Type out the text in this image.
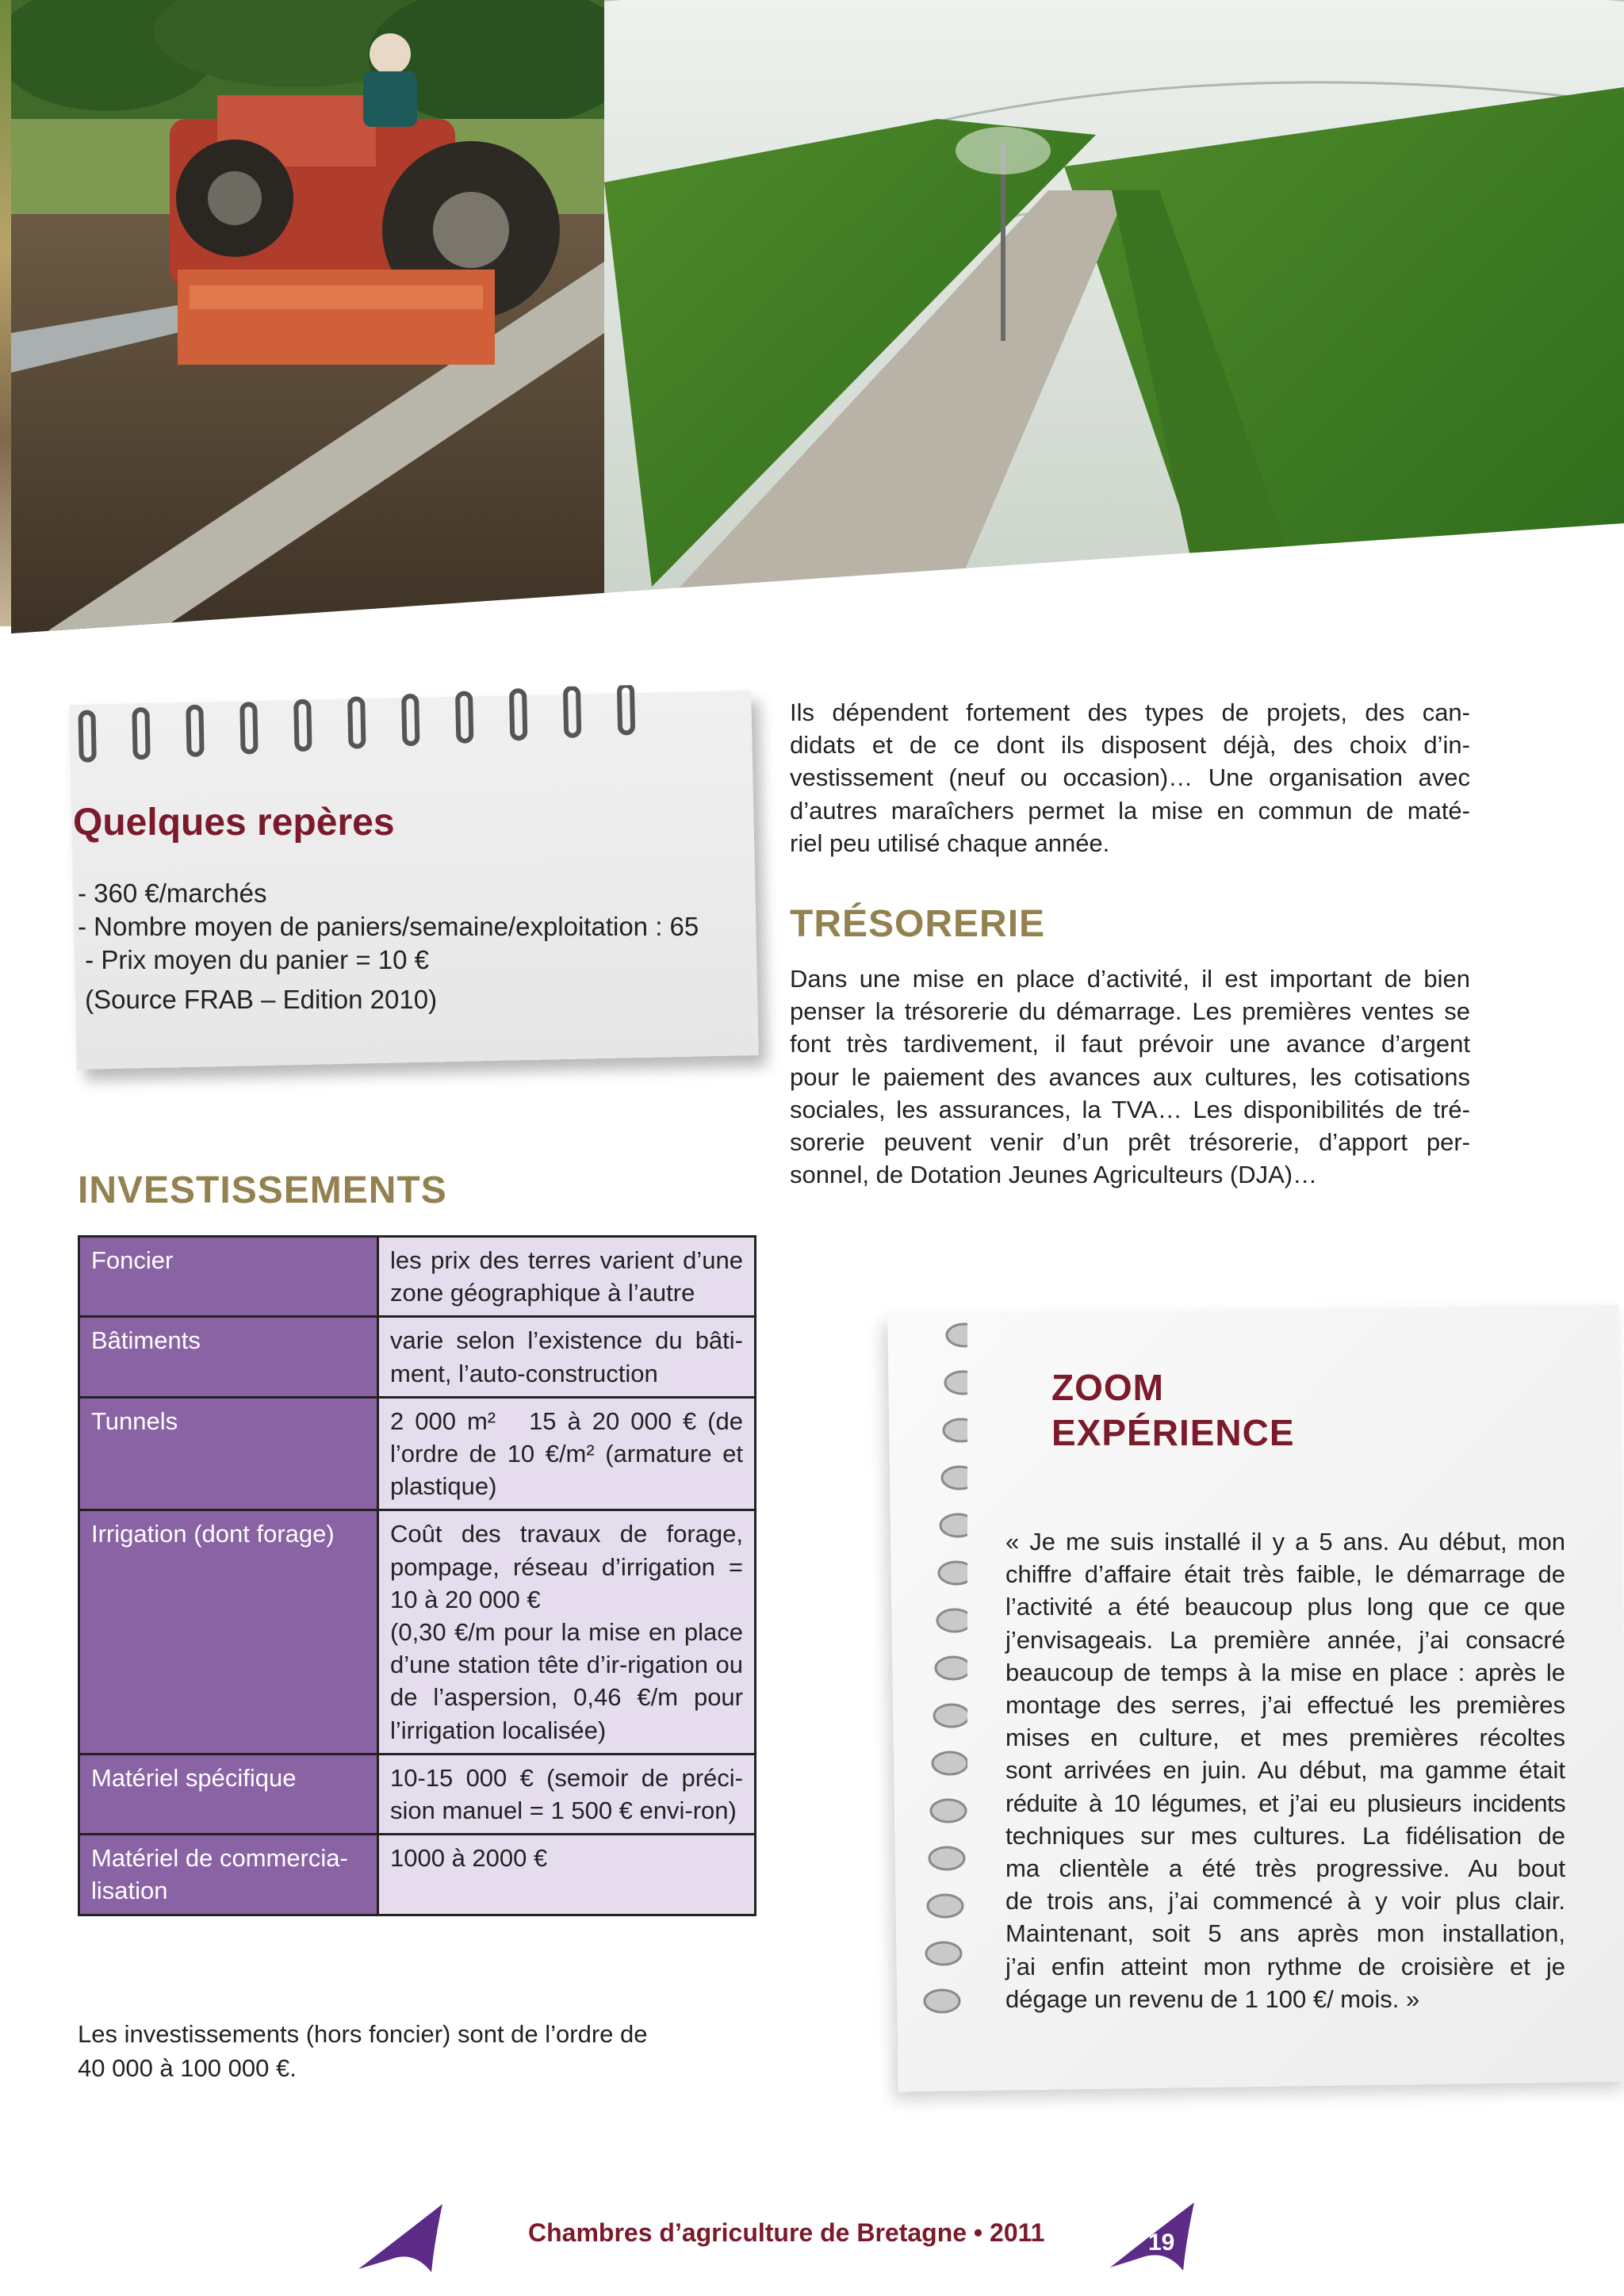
Quelques repères
- 360 €/marchés
- Nombre moyen de paniers/semaine/exploitation : 65
- Prix moyen du panier = 10 €
(Source FRAB – Edition 2010)
INVESTISSEMENTS
Foncier	les prix des terres varient d’une zone géographique à l’autre
Bâtiments	varie selon l’existence du bâti-ment, l’auto-construction
Tunnels	2 000 m²   15 à 20 000 € (de l’ordre de 10 €/m² (armature et plastique)
Irrigation (dont forage)	Coût des travaux de forage, pompage, réseau d’irrigation = 10 à 20 000 €
(0,30 €/m pour la mise en place d’une station tête d’ir-rigation ou de l’aspersion, 0,46 €/m pour l’irrigation localisée)

Matériel spécifique	10-15 000 € (semoir de préci-sion manuel = 1 500 € envi-ron)
Matériel de commercia-lisation	1000 à 2000 €
Les investissements (hors foncier) sont de l’ordre de
40 000 à 100 000 €.
Ils dépendent fortement des types de projets, des can-
didats et de ce dont ils disposent déjà, des choix d’in-
vestissement (neuf ou occasion)… Une organisation avec
d’autres maraîchers permet la mise en commun de maté-
riel peu utilisé chaque année.
TRÉSORERIE
Dans une mise en place d’activité, il est important de bien
penser la trésorerie du démarrage. Les premières ventes se
font très tardivement, il faut prévoir une avance d’argent
pour le paiement des avances aux cultures, les cotisations
sociales, les assurances, la TVA… Les disponibilités de tré-
sorerie peuvent venir d’un prêt trésorerie, d’apport per-
sonnel, de Dotation Jeunes Agriculteurs (DJA)…
ZOOM
EXPÉRIENCE
« Je me suis installé il y a 5 ans. Au début, mon
chiffre d’affaire était très faible, le démarrage de
l’activité a été beaucoup plus long que ce que
j’envisageais. La première année, j’ai consacré
beaucoup de temps à la mise en place : après le
montage des serres, j’ai effectué les premières
mises en culture, et mes premières récoltes
sont arrivées en juin. Au début, ma gamme était
réduite à 10 légumes, et j’ai eu plusieurs incidents
techniques sur mes cultures. La fidélisation de
ma clientèle a été très progressive. Au bout
de trois ans, j’ai commencé à y voir plus clair.
Maintenant, soit 5 ans après mon installation,
j’ai enfin atteint mon rythme de croisière et je
dégage un revenu de 1 100 €/ mois. »
Chambres d’agriculture de Bretagne • 2011	19
